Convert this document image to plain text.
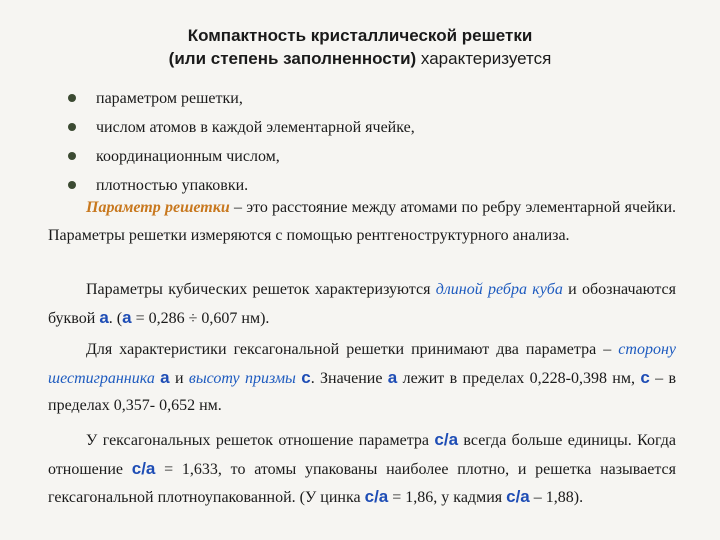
Компактность кристаллической решетки
(или степень заполненности) характеризуется
параметром решетки,
числом атомов в каждой элементарной ячейке,
координационным числом,
плотностью упаковки.

Параметр решетки – это расстояние между атомами по ребру элементарной ячейки. Параметры решетки измеряются с помощью рентгеноструктурного анализа.

Параметры кубических решеток характеризуются длиной ребра куба и обозначаются буквой а. (а = 0,286 ÷ 0,607 нм).

Для характеристики гексагональной решетки принимают два параметра – сторону шестигранника а и высоту призмы с. Значение а лежит в пределах 0,228-0,398 нм, с – в пределах 0,357- 0,652 нм.

У гексагональных решеток отношение параметра c/a всегда больше единицы. Когда отношение c/a = 1,633, то атомы упакованы наиболее плотно, и решетка называется гексагональной плотноупакованной. (У цинка c/a = 1,86, у кадмия c/a – 1,88).
